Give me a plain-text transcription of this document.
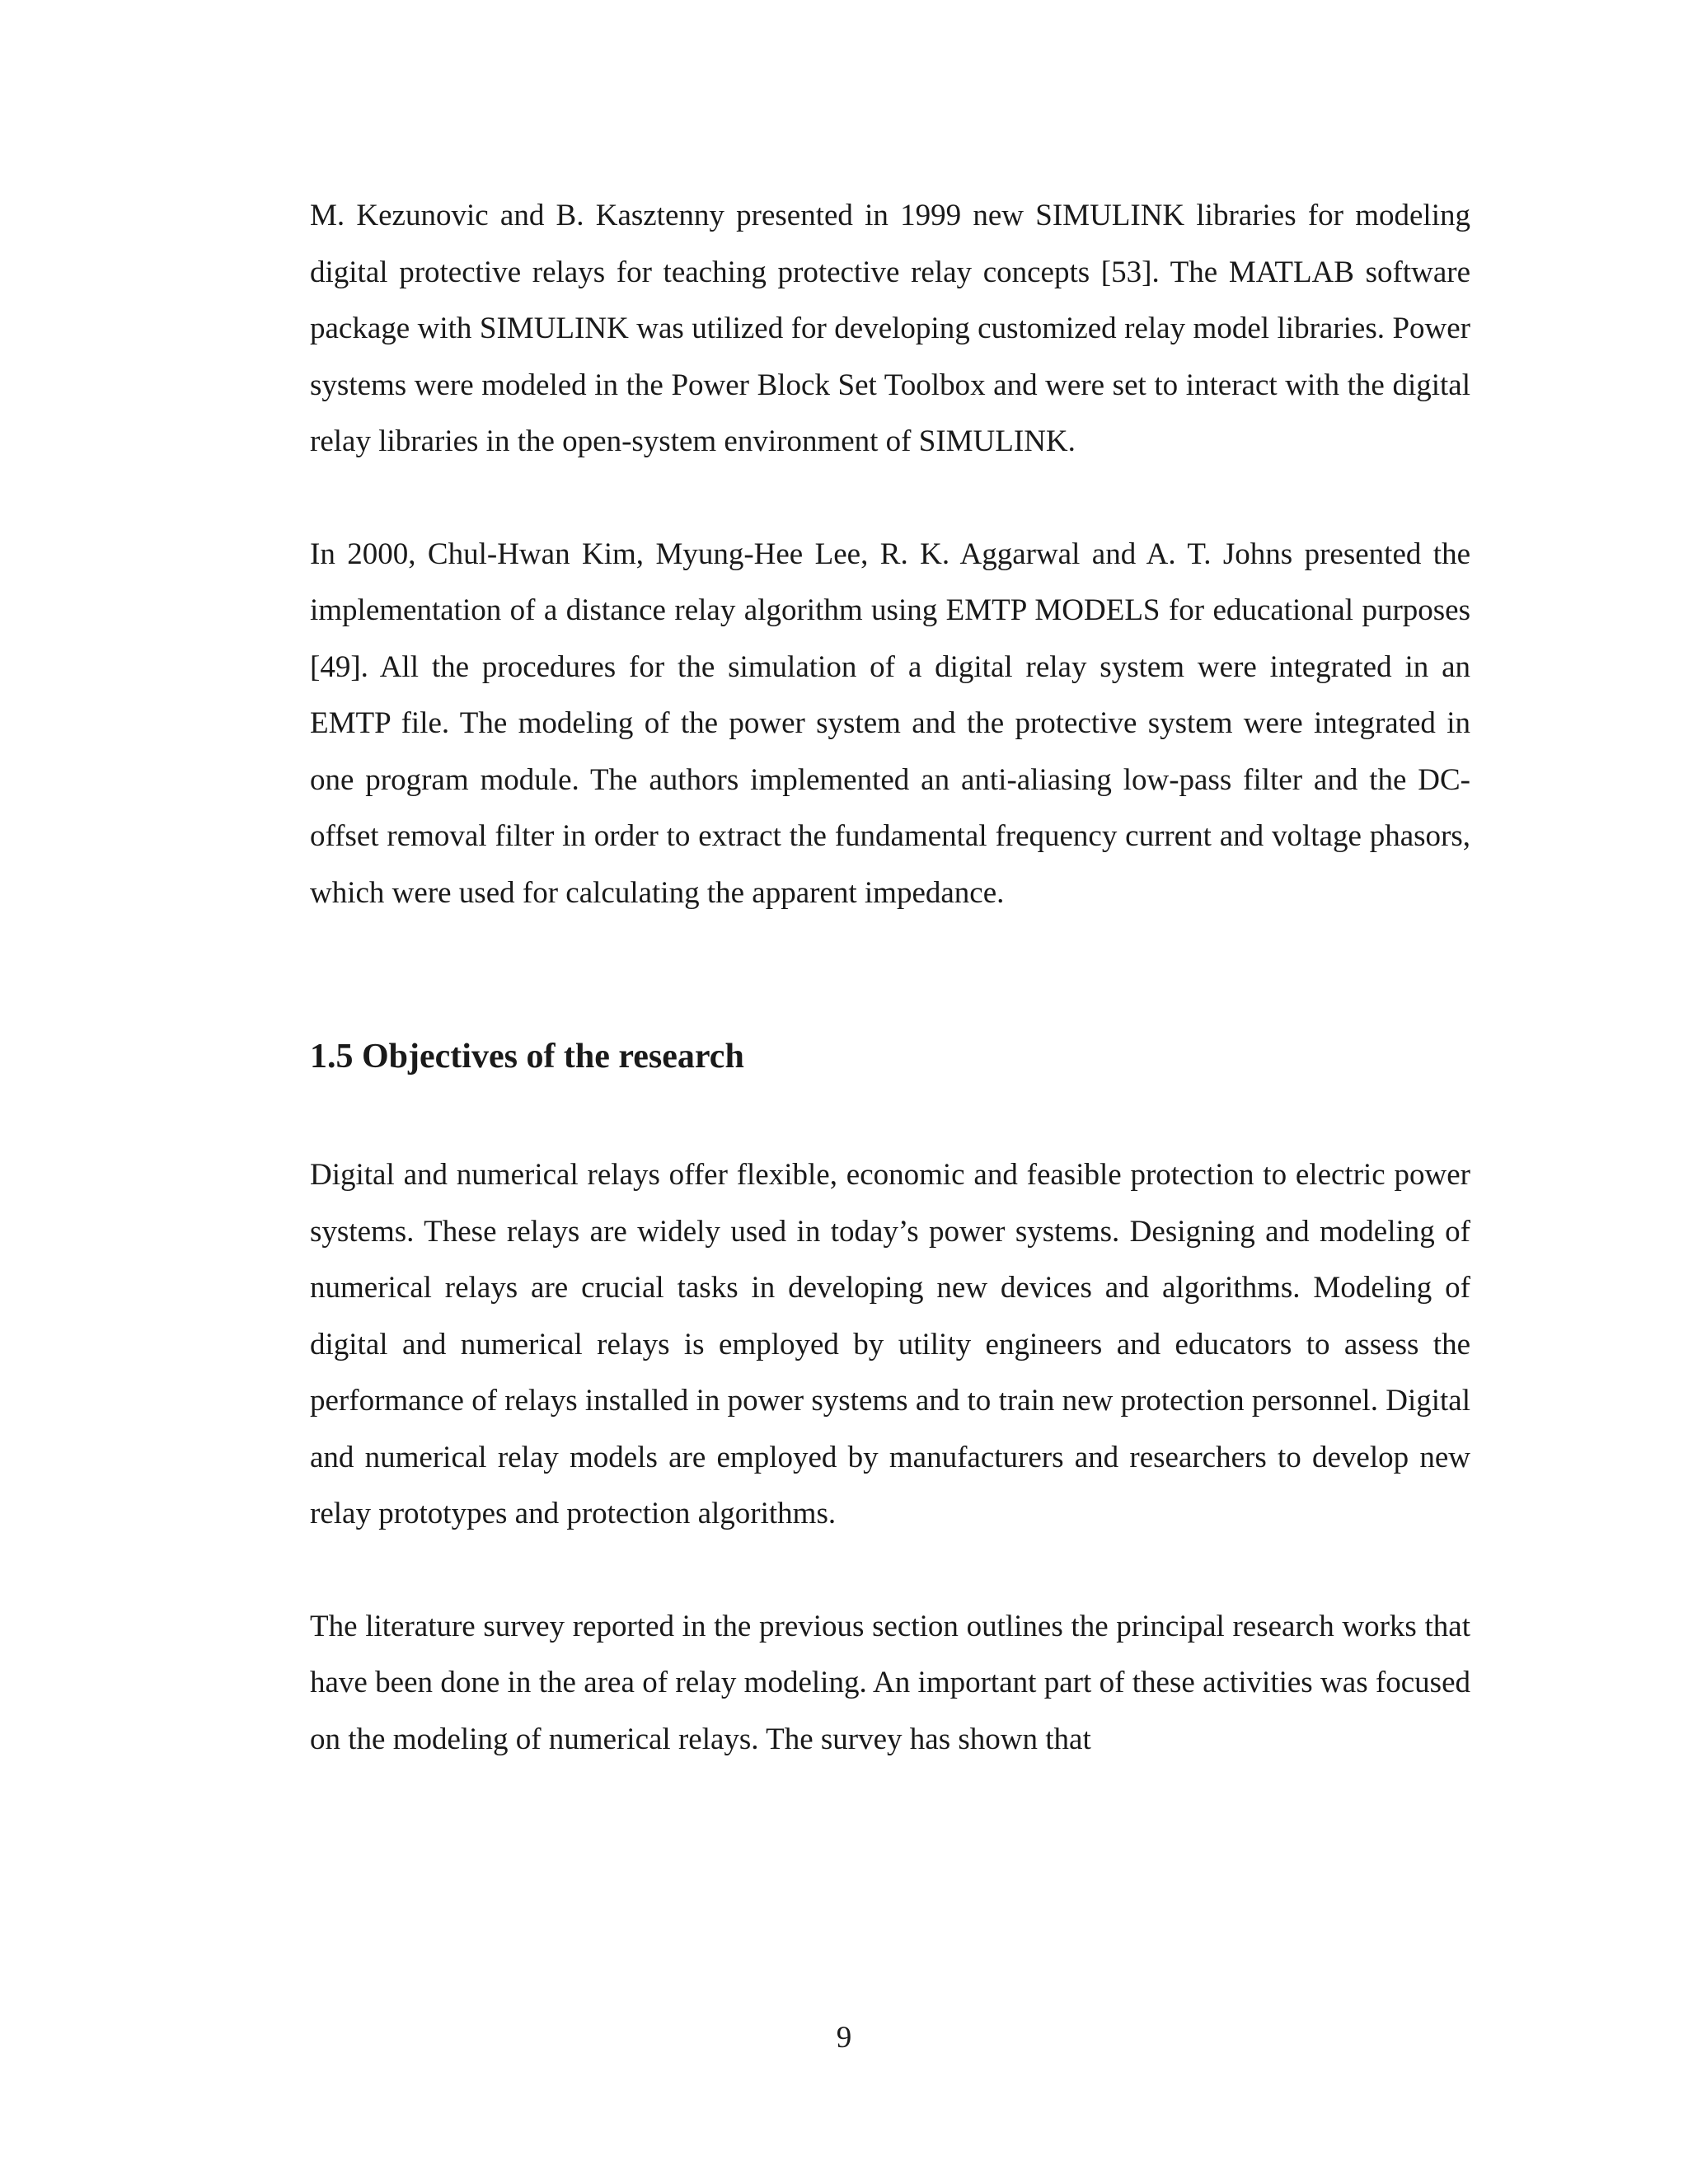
M. Kezunovic and B. Kasztenny presented in 1999 new SIMULINK libraries for modeling digital protective relays for teaching protective relay concepts [53]. The MATLAB software package with SIMULINK was utilized for developing customized relay model libraries. Power systems were modeled in the Power Block Set Toolbox and were set to interact with the digital relay libraries in the open-system environment of SIMULINK.

In 2000, Chul-Hwan Kim, Myung-Hee Lee, R. K. Aggarwal and A. T. Johns presented the implementation of a distance relay algorithm using EMTP MODELS for educational purposes [49]. All the procedures for the simulation of a digital relay system were integrated in an EMTP file. The modeling of the power system and the protective system were integrated in one program module. The authors implemented an anti-aliasing low-pass filter and the DC-offset removal filter in order to extract the fundamental frequency current and voltage phasors, which were used for calculating the apparent impedance.

1.5 Objectives of the research

Digital and numerical relays offer flexible, economic and feasible protection to electric power systems. These relays are widely used in today’s power systems. Designing and modeling of numerical relays are crucial tasks in developing new devices and algorithms. Modeling of digital and numerical relays is employed by utility engineers and educators to assess the performance of relays installed in power systems and to train new protection personnel. Digital and numerical relay models are employed by manufacturers and researchers to develop new relay prototypes and protection algorithms.

The literature survey reported in the previous section outlines the principal research works that have been done in the area of relay modeling. An important part of these activities was focused on the modeling of numerical relays. The survey has shown that

9
